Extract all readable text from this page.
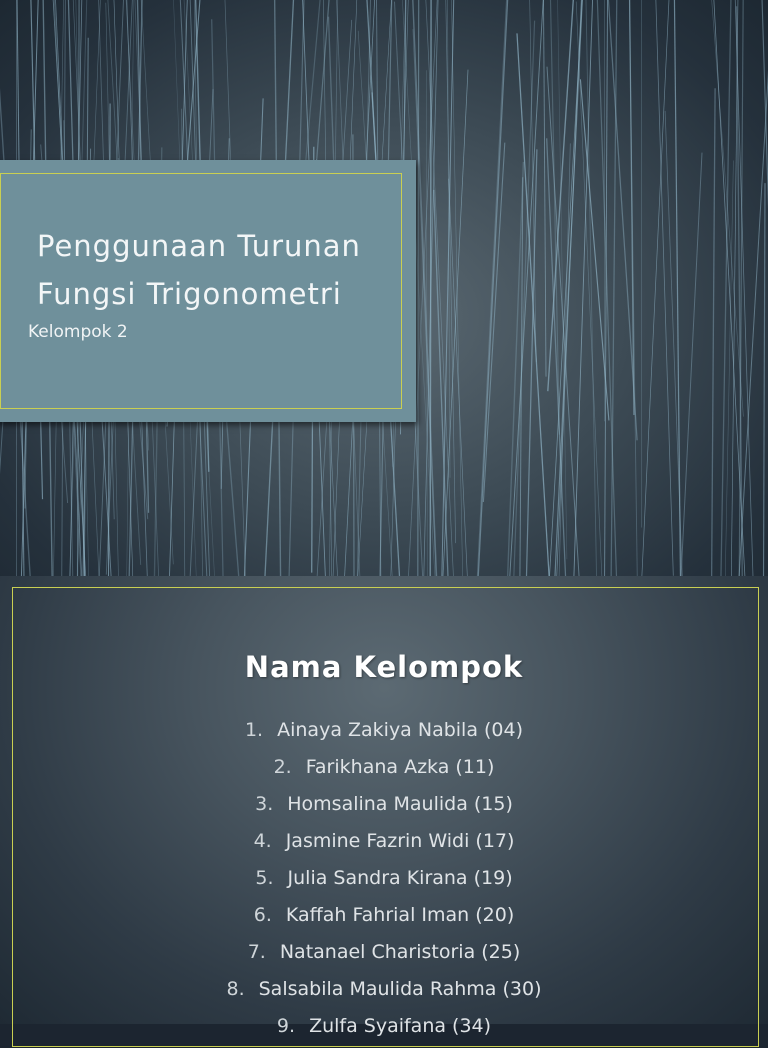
Penggunaan Turunan
Fungsi Trigonometri
Kelompok 2
Nama Kelompok
1. Ainaya Zakiya Nabila (04)
2. Farikhana Azka (11)
3. Homsalina Maulida (15)
4. Jasmine Fazrin Widi (17)
5. Julia Sandra Kirana (19)
6. Kaffah Fahrial Iman (20)
7. Natanael Charistoria (25)
8. Salsabila Maulida Rahma (30)
9. Zulfa Syaifana (34)
